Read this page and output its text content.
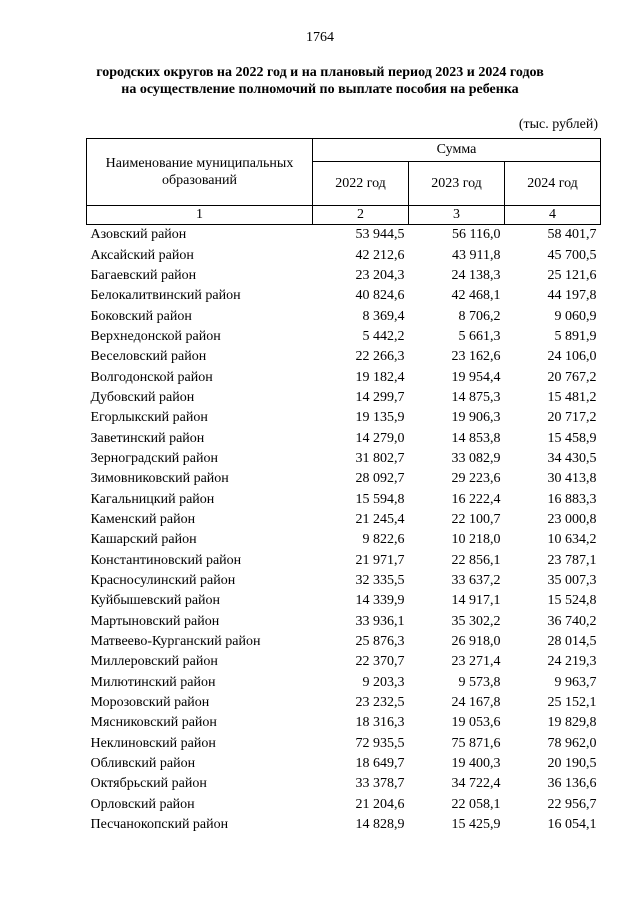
1764
городских округов на 2022 год и на плановый период 2023 и 2024 годов
на осуществление полномочий по выплате пособия на ребенка
(тыс. рублей)
Наименование муниципальных образований	Сумма		
	2022 год	2023 год	2024 год
1	2	3	4
Азовский район	53 944,5	56 116,0	58 401,7
Аксайский район	42 212,6	43 911,8	45 700,5
Багаевский район	23 204,3	24 138,3	25 121,6
Белокалитвинский район	40 824,6	42 468,1	44 197,8
Боковский район	8 369,4	8 706,2	9 060,9
Верхнедонской район	5 442,2	5 661,3	5 891,9
Веселовский район	22 266,3	23 162,6	24 106,0
Волгодонской район	19 182,4	19 954,4	20 767,2
Дубовский район	14 299,7	14 875,3	15 481,2
Егорлыкский район	19 135,9	19 906,3	20 717,2
Заветинский район	14 279,0	14 853,8	15 458,9
Зерноградский район	31 802,7	33 082,9	34 430,5
Зимовниковский район	28 092,7	29 223,6	30 413,8
Кагальницкий район	15 594,8	16 222,4	16 883,3
Каменский район	21 245,4	22 100,7	23 000,8
Кашарский район	9 822,6	10 218,0	10 634,2
Константиновский район	21 971,7	22 856,1	23 787,1
Красносулинский район	32 335,5	33 637,2	35 007,3
Куйбышевский район	14 339,9	14 917,1	15 524,8
Мартыновский район	33 936,1	35 302,2	36 740,2
Матвеево-Курганский район	25 876,3	26 918,0	28 014,5
Миллеровский район	22 370,7	23 271,4	24 219,3
Милютинский район	9 203,3	9 573,8	9 963,7
Морозовский район	23 232,5	24 167,8	25 152,1
Мясниковский район	18 316,3	19 053,6	19 829,8
Неклиновский район	72 935,5	75 871,6	78 962,0
Обливский район	18 649,7	19 400,3	20 190,5
Октябрьский район	33 378,7	34 722,4	36 136,6
Орловский район	21 204,6	22 058,1	22 956,7
Песчанокопский район	14 828,9	15 425,9	16 054,1
